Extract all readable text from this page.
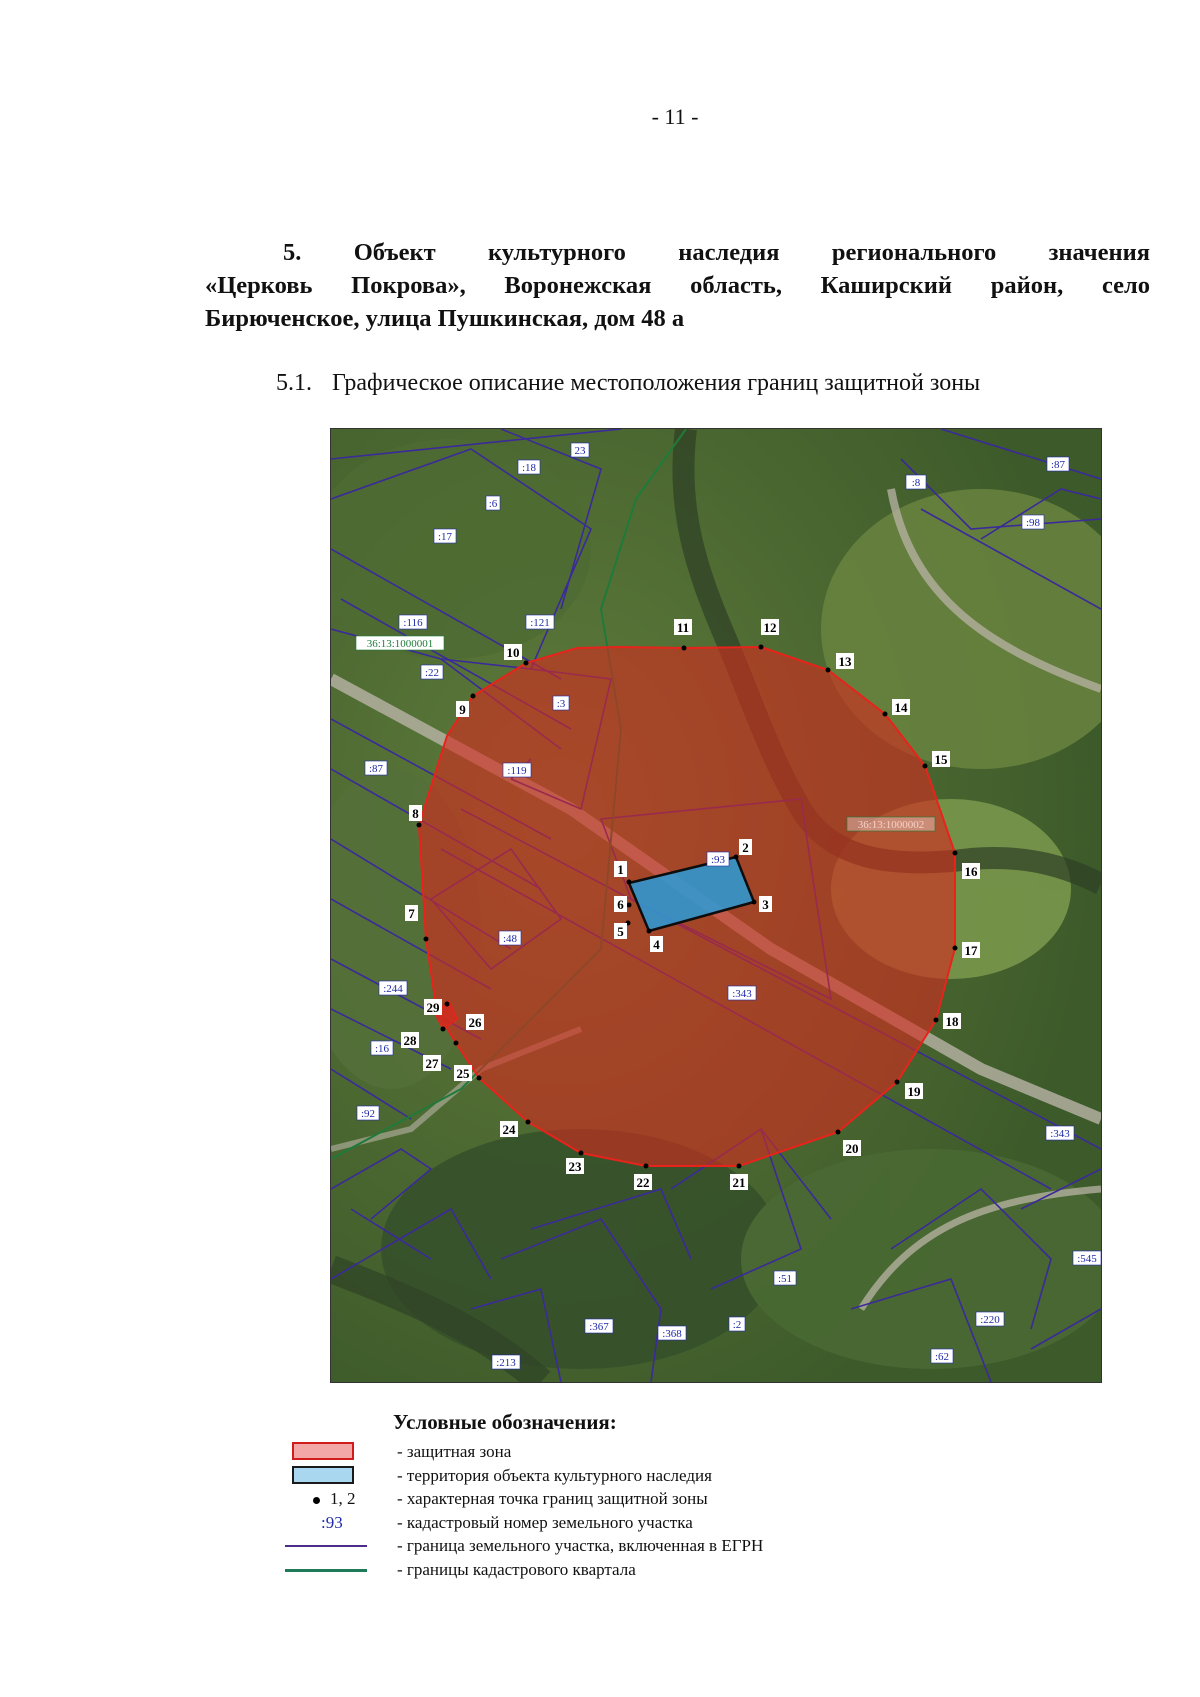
- 11 -
5. Объект культурного наследия регионального значения
«Церковь Покрова», Воронежская область, Каширский район, село
Бирюченское, улица Пушкинская, дом 48 а
5.1. Графическое описание местоположения границ защитной зоны
1
2
3
4
5
6
7
8
9
10
11	12
13
14
15
16
17
18
19
20
21
22
23
24
25
26
27
28
29
23
:18
:6
:17
:116	:121
:22
:87
:244
:16
:92
:119
:93
:48
:343
:343
:8
:87
:98
:545
:51
:367
:368
:2
:213
:220
:62
:3
36:13:1000001
36:13:1000002
Условные обозначения:
- защитная зона
- территория объекта культурного наследия
1, 2 - характерная точка границ защитной зоны
:93	- кадастровый номер земельного участка
- граница земельного участка, включенная в ЕГРН
- границы кадастрового квартала
